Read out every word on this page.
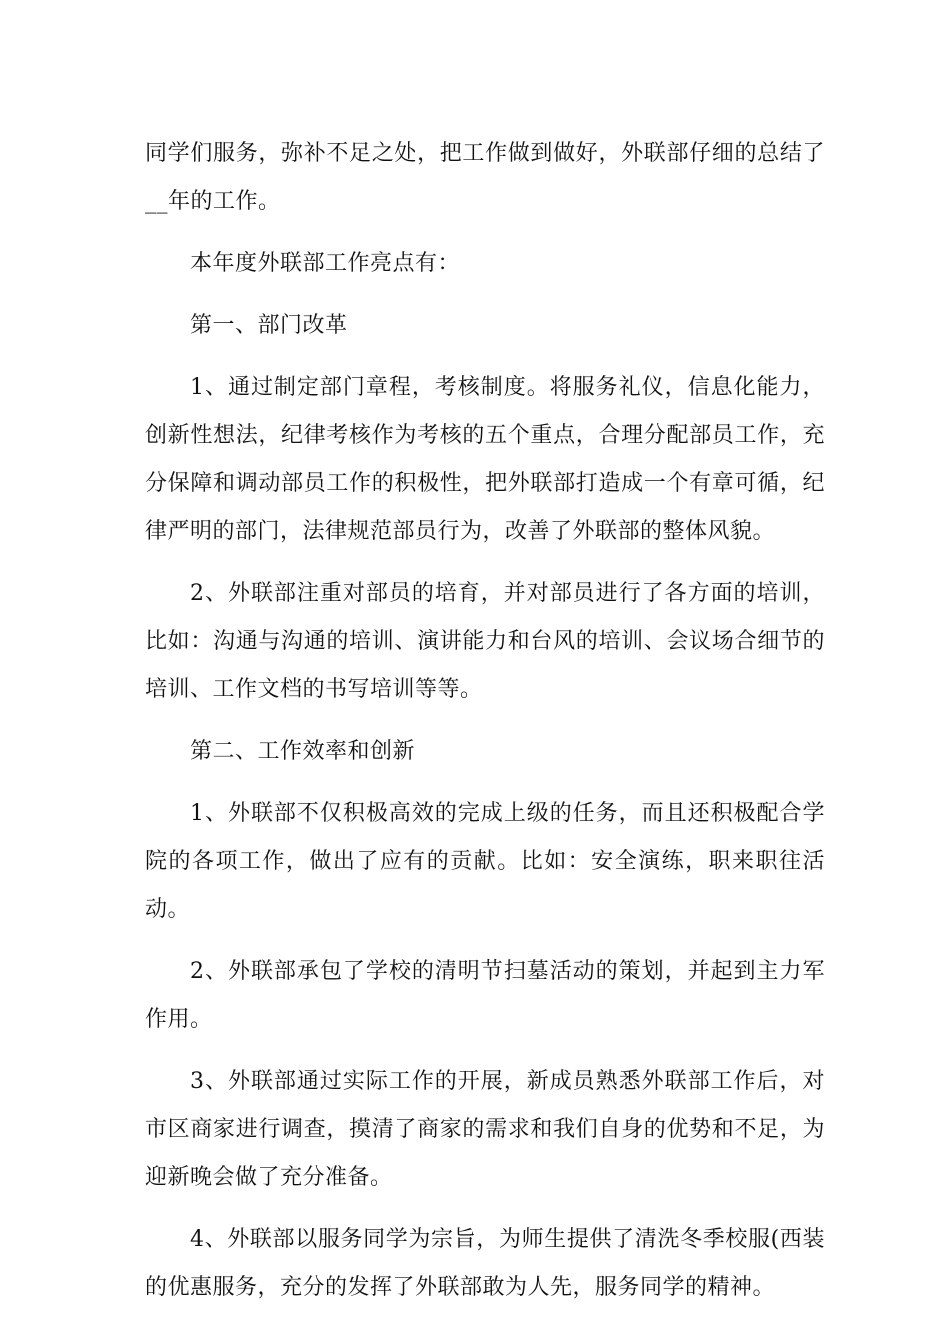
同学们服务，弥补不足之处，把工作做到做好，外联部仔细的总结了__年的工作。

本年度外联部工作亮点有：

第一、部门改革

1、通过制定部门章程，考核制度。将服务礼仪，信息化能力，创新性想法，纪律考核作为考核的五个重点，合理分配部员工作，充分保障和调动部员工作的积极性，把外联部打造成一个有章可循，纪律严明的部门，法律规范部员行为，改善了外联部的整体风貌。

2、外联部注重对部员的培育，并对部员进行了各方面的培训，比如：沟通与沟通的培训、演讲能力和台风的培训、会议场合细节的培训、工作文档的书写培训等等。

第二、工作效率和创新

1、外联部不仅积极高效的完成上级的任务，而且还积极配合学院的各项工作，做出了应有的贡献。比如：安全演练，职来职往活动。

2、外联部承包了学校的清明节扫墓活动的策划，并起到主力军作用。

3、外联部通过实际工作的开展，新成员熟悉外联部工作后，对市区商家进行调查，摸清了商家的需求和我们自身的优势和不足，为迎新晚会做了充分准备。

4、外联部以服务同学为宗旨，为师生提供了清洗冬季校服(西装的优惠服务，充分的发挥了外联部敢为人先，服务同学的精神。
